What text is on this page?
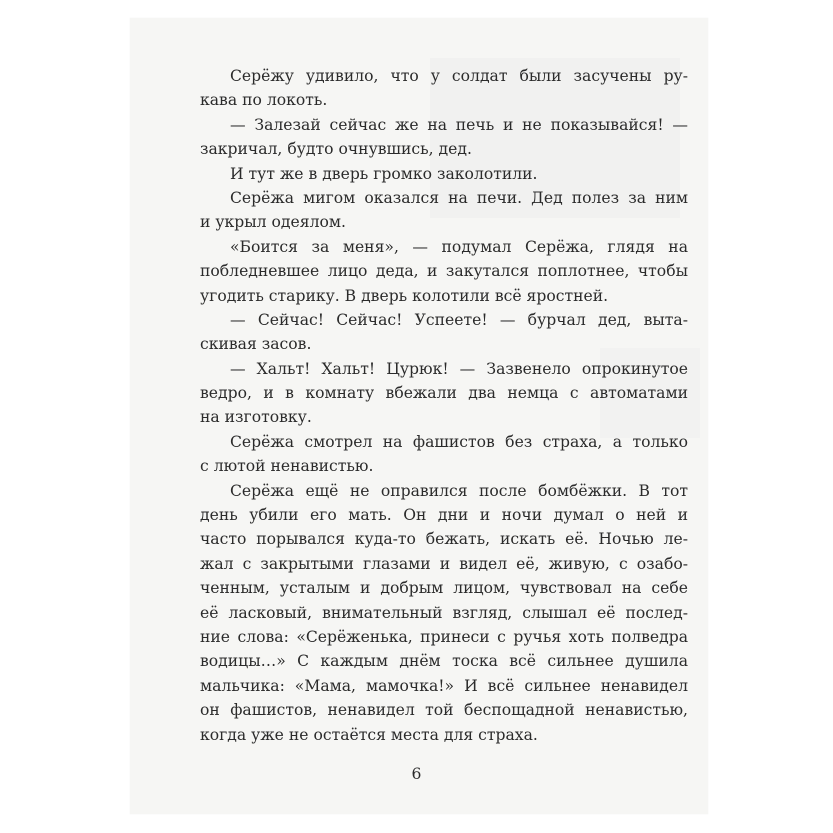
Серёжу удивило, что у солдат были засучены ру-
кава по локоть.
— Залезай сейчас же на печь и не показывайся! —
закричал, будто очнувшись, дед.
И тут же в дверь громко заколотили.
Серёжа мигом оказался на печи. Дед полез за ним
и укрыл одеялом.
«Боится за меня», — подумал Серёжа, глядя на
побледневшее лицо деда, и закутался поплотнее, чтобы
угодить старику. В дверь колотили всё яростней.
— Сейчас! Сейчас! Успеете! — бурчал дед, выта-
скивая засов.
— Хальт! Хальт! Цурюк! — Зазвенело опрокинутое
ведро, и в комнату вбежали два немца с автоматами
на изготовку.
Серёжа смотрел на фашистов без страха, а только
с лютой ненавистью.
Серёжа ещё не оправился после бомбёжки. В тот
день убили его мать. Он дни и ночи думал о ней и
часто порывался куда-то бежать, искать её. Ночью ле-
жал с закрытыми глазами и видел её, живую, с озабо-
ченным, усталым и добрым лицом, чувствовал на себе
её ласковый, внимательный взгляд, слышал её послед-
ние слова: «Серёженька, принеси с ручья хоть полведра
водицы…» С каждым днём тоска всё сильнее душила
мальчика: «Мама, мамочка!» И всё сильнее ненавидел
он фашистов, ненавидел той беспощадной ненавистью,
когда уже не остаётся места для страха.
6
